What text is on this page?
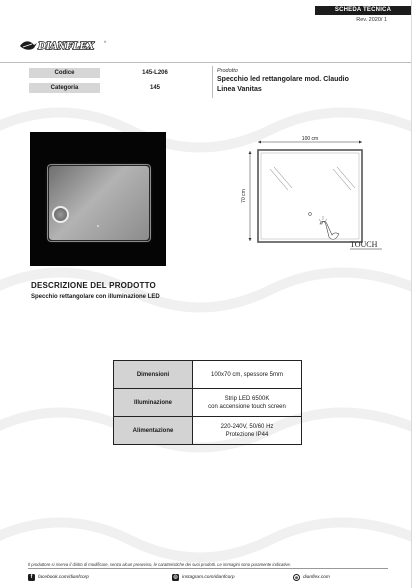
SCHEDA TECNICA
Rev. 2020/ 1
DIANFLEX	®
Codice	145-L206
Categoria	145
Prodotto
Specchio led rettangolare mod. Claudio
Linea Vanitas
100 cm
70 cm
TOUCH
DESCRIZIONE DEL PRODOTTO
Specchio rettangolare con illuminazione LED
Dimensioni	100x70 cm, spessore 5mm

Illuminazione	Strip LED 6500K
con accensione touch screen

Alimentazione	220-240V, 50/60 Hz
Protezione IP44
Il produttore si riserva il diritto di modificare, senza alcun preavviso, le caratteristiche dei suoi prodotti. Le immagini sono puramente indicative.
f	facebook.com/dianfcorp	◎ instagram.com/dianfcorp	⊕	dianflex.com
